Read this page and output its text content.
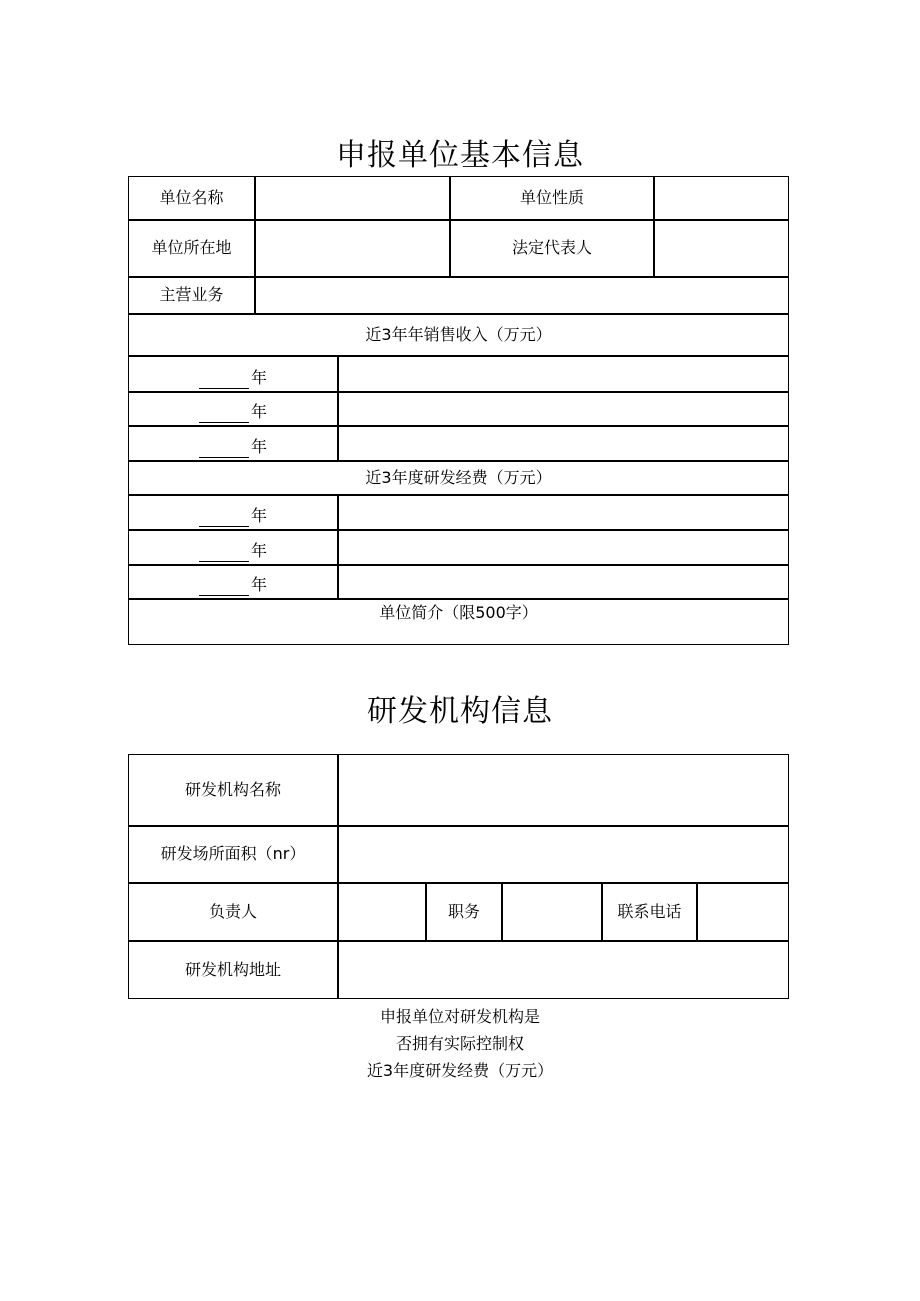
申报单位基本信息
单位名称	单位性质
单位所在地	法定代表人
主营业务
近3年年销售收入（万元）
年
年
年
近3年度研发经费（万元）
年
年
年
单位简介（限500字）
研发机构信息
研发机构名称
研发场所面积（nr）
负责人	职务	联系电话
研发机构地址
申报单位对研发机构是
否拥有实际控制权
近3年度研发经费（万元）
